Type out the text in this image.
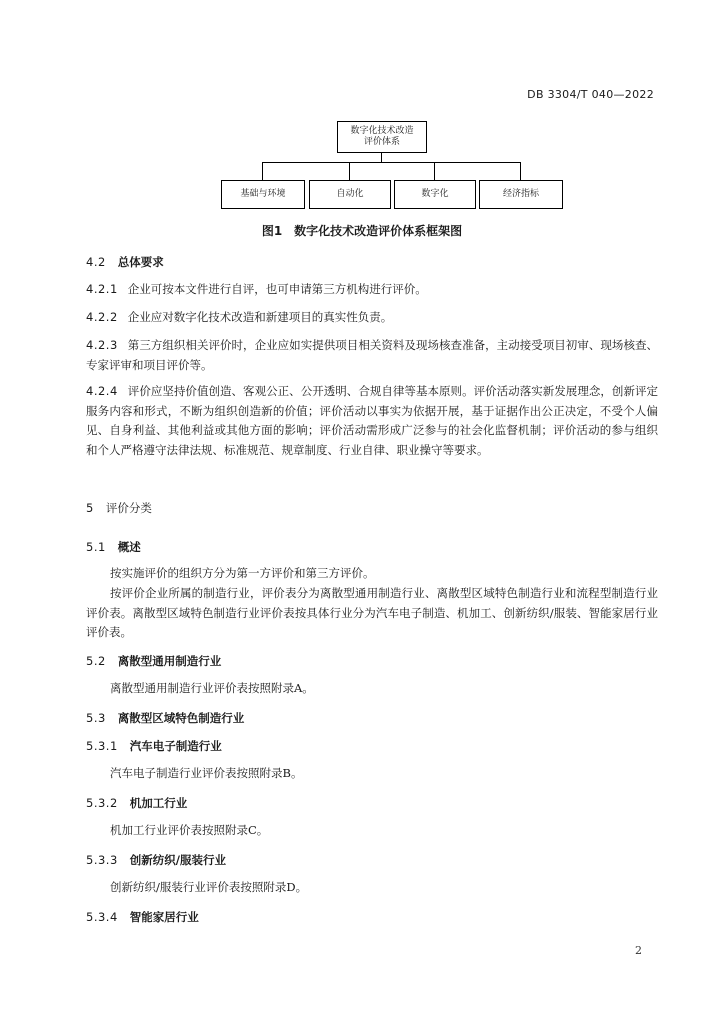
DB 3304/T 040—2022
数字化技术改造
评价体系
基础与环境	自动化	数字化	经济指标
图1　数字化技术改造评价体系框架图
4.2 总体要求
4.2.1 企业可按本文件进行自评，也可申请第三方机构进行评价。
4.2.2 企业应对数字化技术改造和新建项目的真实性负责。
4.2.3 第三方组织相关评价时，企业应如实提供项目相关资料及现场核查准备，主动接受项目初审、现场核查、专家评审和项目评价等。
4.2.4 评价应坚持价值创造、客观公正、公开透明、合规自律等基本原则。评价活动落实新发展理念，创新评定服务内容和形式，不断为组织创造新的价值；评价活动以事实为依据开展，基于证据作出公正决定，不受个人偏见、自身利益、其他利益或其他方面的影响；评价活动需形成广泛参与的社会化监督机制；评价活动的参与组织和个人严格遵守法律法规、标准规范、规章制度、行业自律、职业操守等要求。
5 评价分类
5.1 概述
按实施评价的组织方分为第一方评价和第三方评价。
按评价企业所属的制造行业，评价表分为离散型通用制造行业、离散型区域特色制造行业和流程型制造行业评价表。离散型区域特色制造行业评价表按具体行业分为汽车电子制造、机加工、创新纺织/服装、智能家居行业评价表。
5.2 离散型通用制造行业
离散型通用制造行业评价表按照附录A。
5.3 离散型区域特色制造行业
5.3.1 汽车电子制造行业
汽车电子制造行业评价表按照附录B。
5.3.2 机加工行业
机加工行业评价表按照附录C。
5.3.3 创新纺织/服装行业
创新纺织/服装行业评价表按照附录D。
5.3.4 智能家居行业
2
